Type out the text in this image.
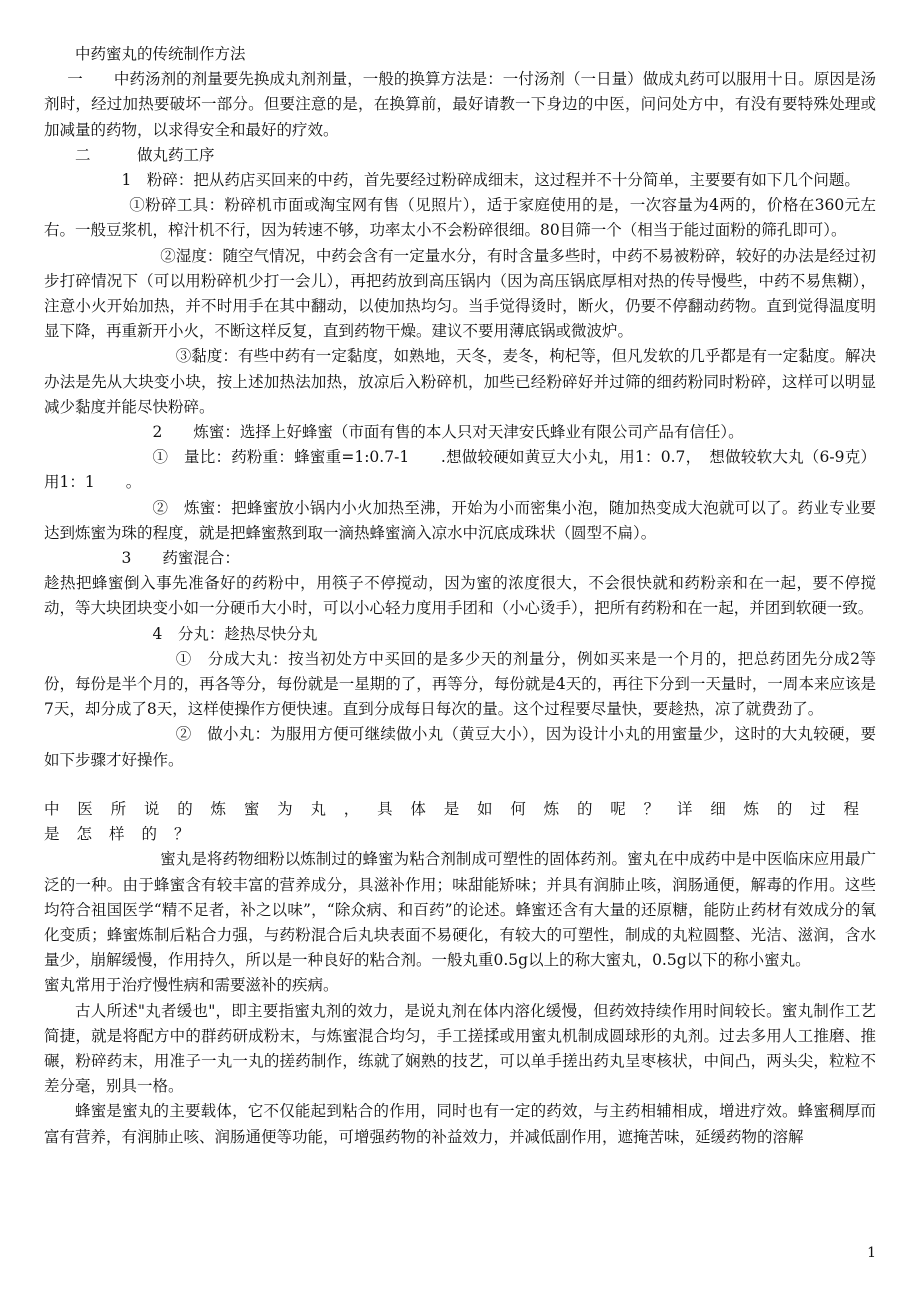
中药蜜丸的传统制作方法

一　　中药汤剂的剂量要先换成丸剂剂量，一般的换算方法是：一付汤剂（一日量）做成丸药可以服用十日。原因是汤剂时，经过加热要破坏一部分。但要注意的是，在换算前，最好请教一下身边的中医，问问处方中，有没有要特殊处理或加减量的药物，以求得安全和最好的疗效。

二　　　做丸药工序

1　粉碎：把从药店买回来的中药，首先要经过粉碎成细末，这过程并不十分简单，主要要有如下几个问题。

①粉碎工具：粉碎机市面或淘宝网有售（见照片），适于家庭使用的是，一次容量为4两的，价格在360元左右。一般豆浆机，榨汁机不行，因为转速不够，功率太小不会粉碎很细。80目筛一个（相当于能过面粉的筛孔即可）。

②湿度：随空气情况，中药会含有一定量水分，有时含量多些时，中药不易被粉碎，较好的办法是经过初步打碎情况下（可以用粉碎机少打一会儿），再把药放到高压锅内（因为高压锅底厚相对热的传导慢些，中药不易焦糊），注意小火开始加热，并不时用手在其中翻动，以使加热均匀。当手觉得烫时，断火，仍要不停翻动药物。直到觉得温度明显下降，再重新开小火，不断这样反复，直到药物干燥。建议不要用薄底锅或微波炉。

③黏度：有些中药有一定黏度，如熟地，天冬，麦冬，枸杞等，但凡发软的几乎都是有一定黏度。解决办法是先从大块变小块，按上述加热法加热，放凉后入粉碎机，加些已经粉碎好并过筛的细药粉同时粉碎，这样可以明显减少黏度并能尽快粉碎。

2　　炼蜜：选择上好蜂蜜（市面有售的本人只对天津安氏蜂业有限公司产品有信任）。

①　量比：药粉重：蜂蜜重=1:0.7-1　　.想做较硬如黄豆大小丸，用1：0.7，　想做较软大丸（6-9克）用1：1　　。

②　炼蜜：把蜂蜜放小锅内小火加热至沸，开始为小而密集小泡，随加热变成大泡就可以了。药业专业要达到炼蜜为珠的程度，就是把蜂蜜熬到取一滴热蜂蜜滴入凉水中沉底成珠状（圆型不扁）。

3　　药蜜混合：

趁热把蜂蜜倒入事先准备好的药粉中，用筷子不停搅动，因为蜜的浓度很大，不会很快就和药粉亲和在一起，要不停搅动，等大块团块变小如一分硬币大小时，可以小心轻力度用手团和（小心烫手），把所有药粉和在一起，并团到软硬一致。

4　分丸：趁热尽快分丸

①　分成大丸：按当初处方中买回的是多少天的剂量分，例如买来是一个月的，把总药团先分成2等份，每份是半个月的，再各等分，每份就是一星期的了，再等分，每份就是4天的，再往下分到一天量时，一周本来应该是7天，却分成了8天，这样使操作方便快速。直到分成每日每次的量。这个过程要尽量快，要趁热，凉了就费劲了。

②　做小丸：为服用方便可继续做小丸（黄豆大小），因为设计小丸的用蜜量少，这时的大丸较硬，要如下步骤才好操作。

中医所说的炼蜜为丸，具体是如何炼的呢？详细炼的过程是怎样的？

蜜丸是将药物细粉以炼制过的蜂蜜为粘合剂制成可塑性的固体药剂。蜜丸在中成药中是中医临床应用最广泛的一种。由于蜂蜜含有较丰富的营养成分，具滋补作用；味甜能矫味；并具有润肺止咳，润肠通便，解毒的作用。这些均符合祖国医学“精不足者，补之以味”，“除众病、和百药”的论述。蜂蜜还含有大量的还原糖，能防止药材有效成分的氧化变质；蜂蜜炼制后粘合力强，与药粉混合后丸块表面不易硬化，有较大的可塑性，制成的丸粒圆整、光洁、滋润，含水量少，崩解缓慢，作用持久，所以是一种良好的粘合剂。一般丸重0.5g以上的称大蜜丸，0.5g以下的称小蜜丸。

蜜丸常用于治疗慢性病和需要滋补的疾病。

古人所述"丸者缓也"，即主要指蜜丸剂的效力，是说丸剂在体内溶化缓慢，但药效持续作用时间较长。蜜丸制作工艺简捷，就是将配方中的群药研成粉末，与炼蜜混合均匀，手工搓揉或用蜜丸机制成圆球形的丸剂。过去多用人工推磨、推碾，粉碎药末，用准子一丸一丸的搓药制作，练就了娴熟的技艺，可以单手搓出药丸呈枣核状，中间凸，两头尖，粒粒不差分毫，别具一格。

蜂蜜是蜜丸的主要载体，它不仅能起到粘合的作用，同时也有一定的药效，与主药相辅相成，增进疗效。蜂蜜稠厚而富有营养，有润肺止咳、润肠通便等功能，可增强药物的补益效力，并减低副作用，遮掩苦味，延缓药物的溶解

1
